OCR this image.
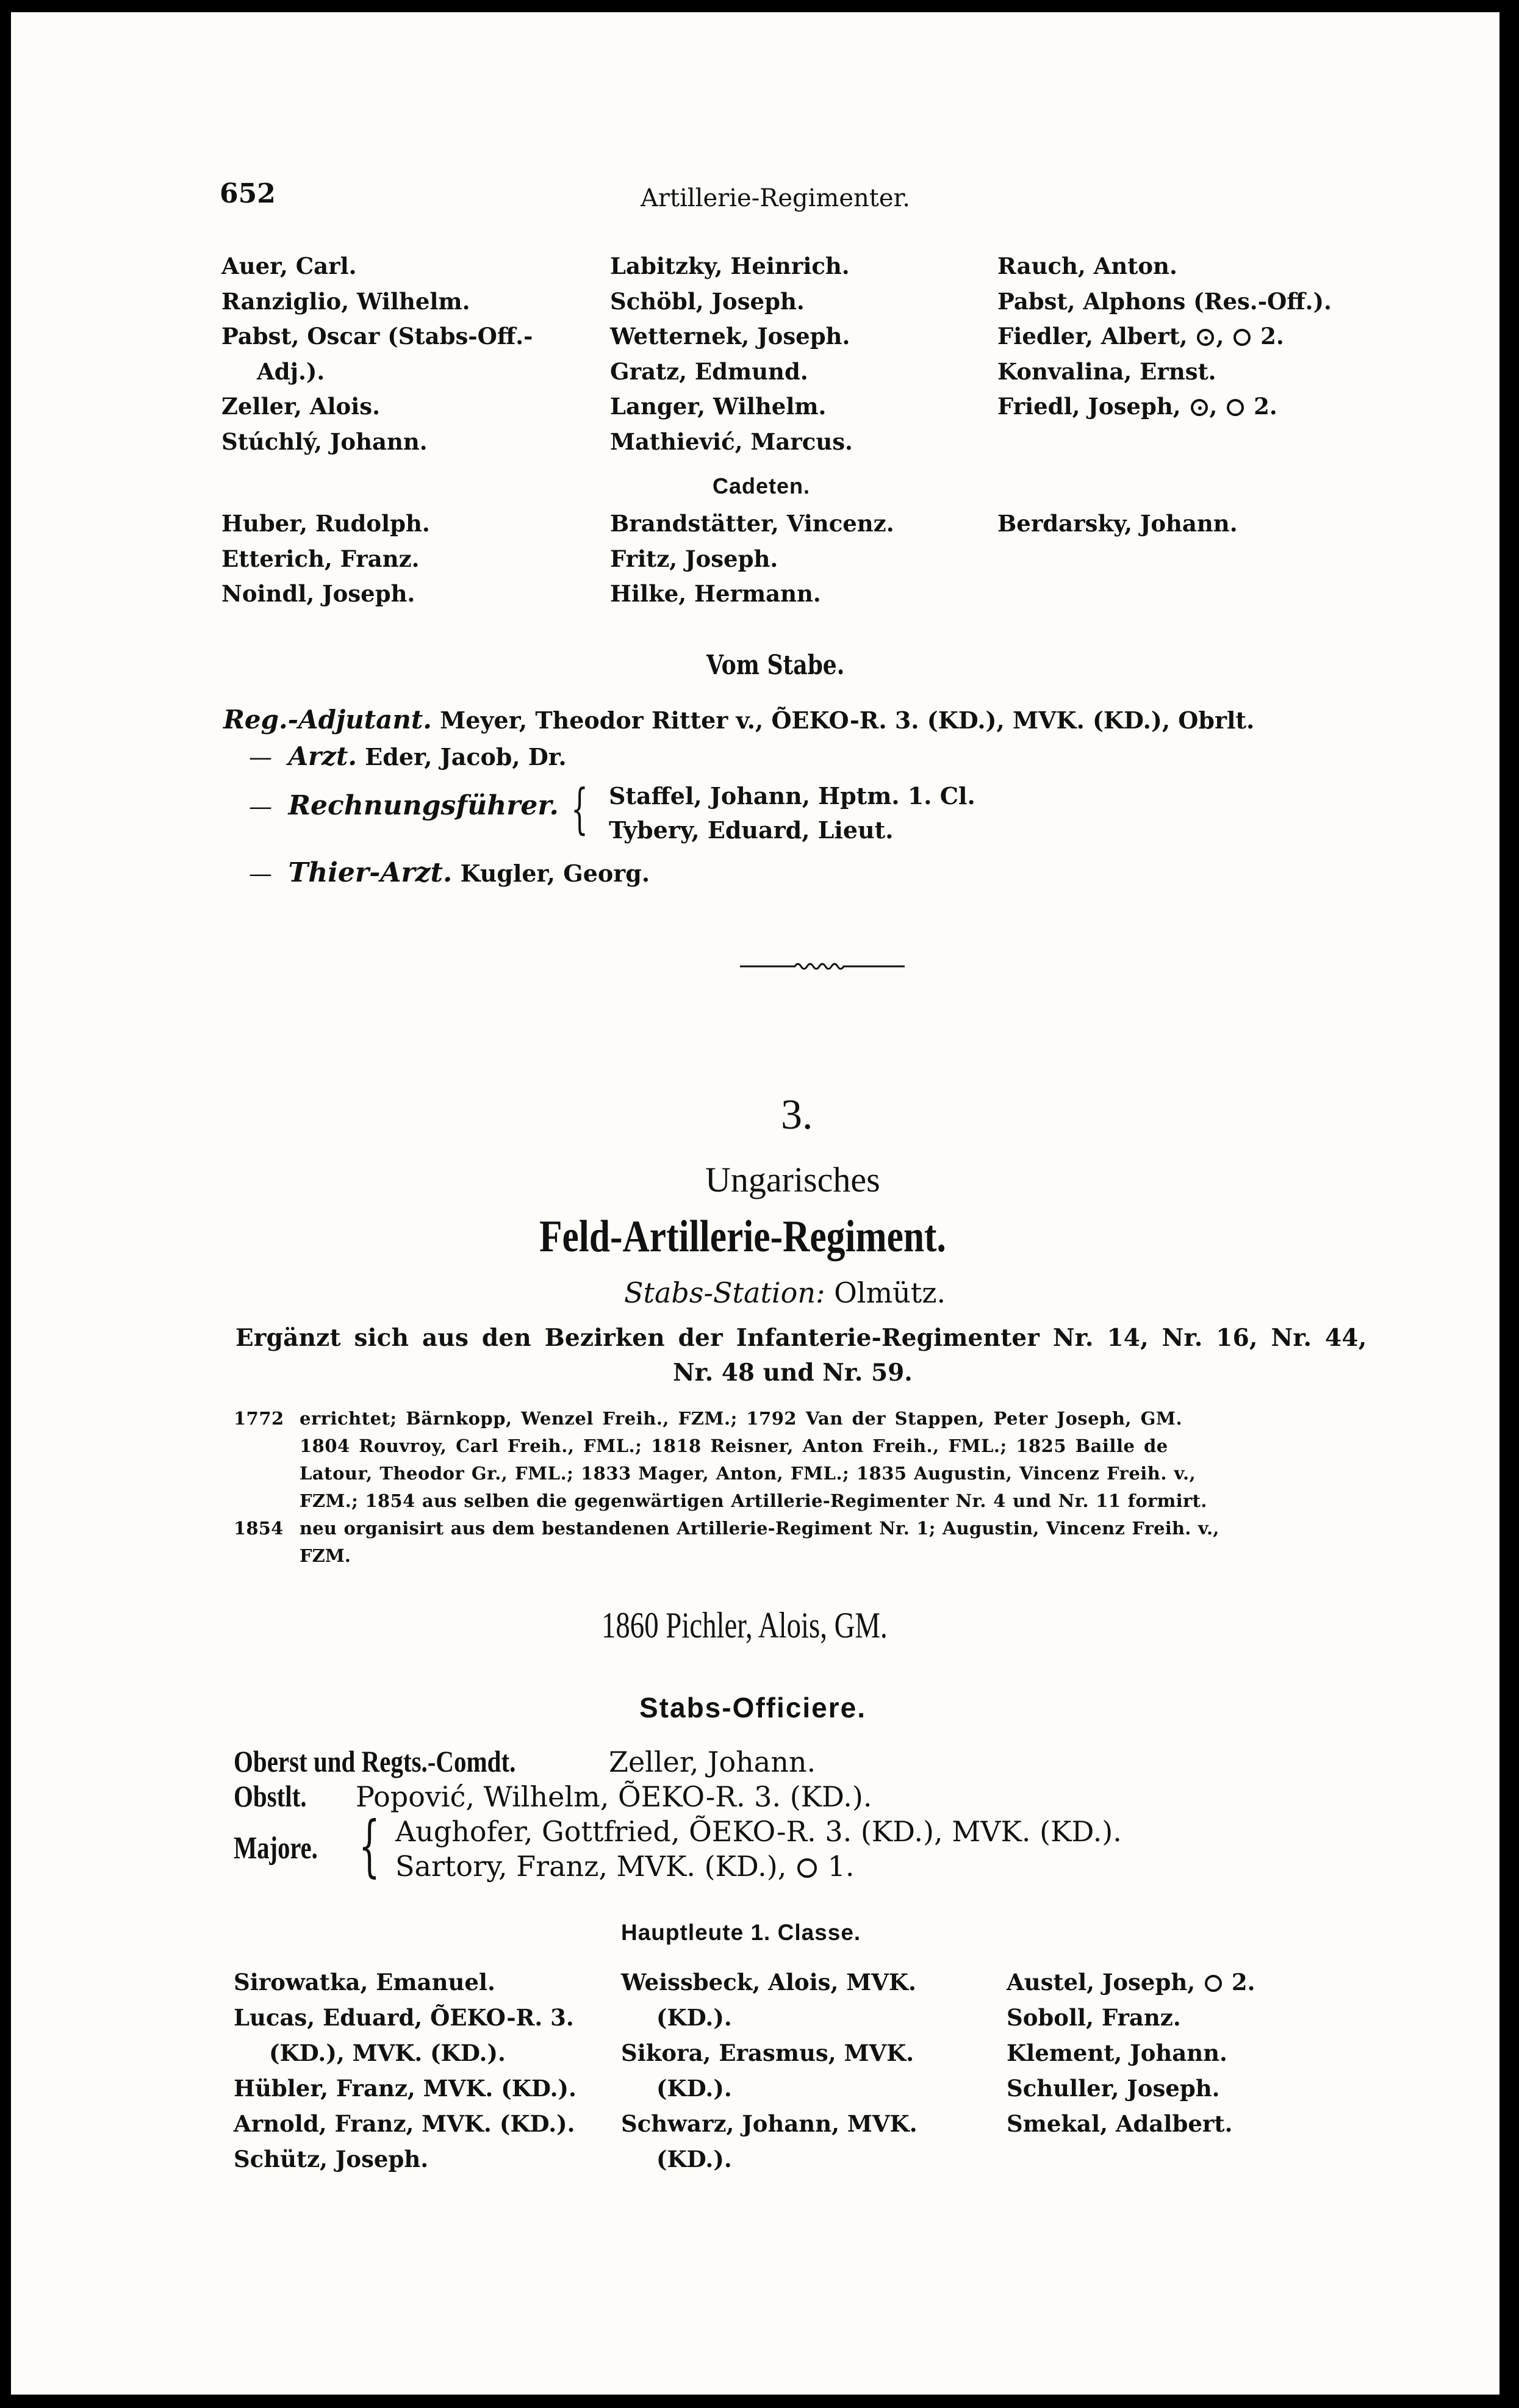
652	Artillerie-Regimenter.
Auer, Carl.
Ranziglio, Wilhelm.
Pabst, Oscar (Stabs-Off.-
Adj.).
Zeller, Alois.
Stúchlý, Johann.
Labitzky, Heinrich.
Schöbl, Joseph.
Wetternek, Joseph.
Gratz, Edmund.
Langer, Wilhelm.
Mathiević, Marcus.
Rauch, Anton.
Pabst, Alphons (Res.-Off.).
Fiedler, Albert, ,  2.
Konvalina, Ernst.
Friedl, Joseph, ,  2.
Cadeten.
Huber, Rudolph.
Etterich, Franz.
Noindl, Joseph.
Brandstätter, Vincenz.
Fritz, Joseph.
Hilke, Hermann.
Berdarsky, Johann.
Vom Stabe.
Reg.-Adjutant. Meyer, Theodor Ritter v., ÕEKO-R. 3. (KD.), MVK. (KD.), Obrlt.
— Arzt. Eder, Jacob, Dr.
— Rechnungsführer. { Staffel, Johann, Hptm. 1. Cl.
Tybery, Eduard, Lieut.
— Thier-Arzt. Kugler, Georg.
3.
Ungarisches
Feld-Artillerie-Regiment.
Stabs-Station: Olmütz.
Ergänzt sich aus den Bezirken der Infanterie-Regimenter Nr. 14, Nr. 16, Nr. 44,
Nr. 48 und Nr. 59.
1772 errichtet; Bärnkopp, Wenzel Freih., FZM.; 1792 Van der Stappen, Peter Joseph, GM.
1804 Rouvroy, Carl Freih., FML.; 1818 Reisner, Anton Freih., FML.; 1825 Baille de
Latour, Theodor Gr., FML.; 1833 Mager, Anton, FML.; 1835 Augustin, Vincenz Freih. v.,
FZM.; 1854 aus selben die gegenwärtigen Artillerie-Regimenter Nr. 4 und Nr. 11 formirt.
1854 neu organisirt aus dem bestandenen Artillerie-Regiment Nr. 1; Augustin, Vincenz Freih. v.,
FZM.
1860 Pichler, Alois, GM.
Stabs-Officiere.
Oberst und Regts.-Comdt.	Zeller, Johann.
Obstlt. Popović, Wilhelm, ÕEKO-R. 3. (KD.).
Majore. { Aughofer, Gottfried, ÕEKO-R. 3. (KD.), MVK. (KD.).
Sartory, Franz, MVK. (KD.), 1.
Hauptleute 1. Classe.
Sirowatka, Emanuel.
Lucas, Eduard, ÕEKO-R. 3.
(KD.), MVK. (KD.).
Hübler, Franz, MVK. (KD.).
Arnold, Franz, MVK. (KD.).
Schütz, Joseph.
Weissbeck, Alois, MVK.
(KD.).
Sikora, Erasmus, MVK.
(KD.).
Schwarz, Johann, MVK.
(KD.).
Austel, Joseph, 2.
Soboll, Franz.
Klement, Johann.
Schuller, Joseph.
Smekal, Adalbert.
